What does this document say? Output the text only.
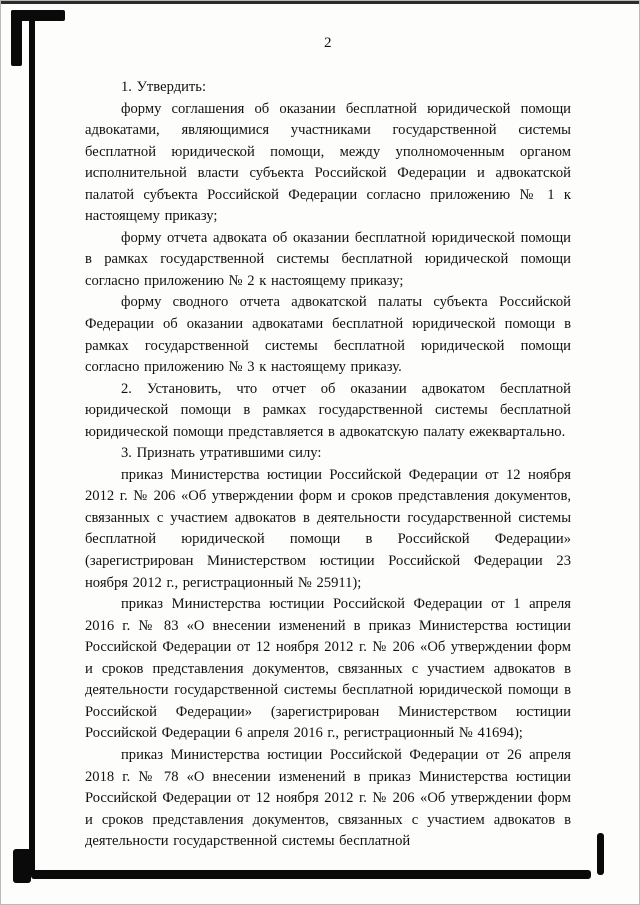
2

1. Утвердить:

форму соглашения об оказании бесплатной юридической помощи адвокатами, являющимися участниками государственной системы бесплатной юридической помощи, между уполномоченным органом исполнительной власти субъекта Российской Федерации и адвокатской палатой субъекта Российской Федерации согласно приложению № 1 к настоящему приказу;

форму отчета адвоката об оказании бесплатной юридической помощи в рамках государственной системы бесплатной юридической помощи согласно приложению № 2 к настоящему приказу;

форму сводного отчета адвокатской палаты субъекта Российской Федерации об оказании адвокатами бесплатной юридической помощи в рамках государственной системы бесплатной юридической помощи согласно приложению № 3 к настоящему приказу.

2. Установить, что отчет об оказании адвокатом бесплатной юридической помощи в рамках государственной системы бесплатной юридической помощи представляется в адвокатскую палату ежеквартально.

3. Признать утратившими силу:

приказ Министерства юстиции Российской Федерации от 12 ноября 2012 г. № 206 «Об утверждении форм и сроков представления документов, связанных с участием адвокатов в деятельности государственной системы бесплатной юридической помощи в Российской Федерации» (зарегистрирован Министерством юстиции Российской Федерации 23 ноября 2012 г., регистрационный № 25911);

приказ Министерства юстиции Российской Федерации от 1 апреля 2016 г. № 83 «О внесении изменений в приказ Министерства юстиции Российской Федерации от 12 ноября 2012 г. № 206 «Об утверждении форм и сроков представления документов, связанных с участием адвокатов в деятельности государственной системы бесплатной юридической помощи в Российской Федерации» (зарегистрирован Министерством юстиции Российской Федерации 6 апреля 2016 г., регистрационный № 41694);

приказ Министерства юстиции Российской Федерации от 26 апреля 2018 г. № 78 «О внесении изменений в приказ Министерства юстиции Российской Федерации от 12 ноября 2012 г. № 206 «Об утверждении форм и сроков представления документов, связанных с участием адвокатов в деятельности государственной системы бесплатной
